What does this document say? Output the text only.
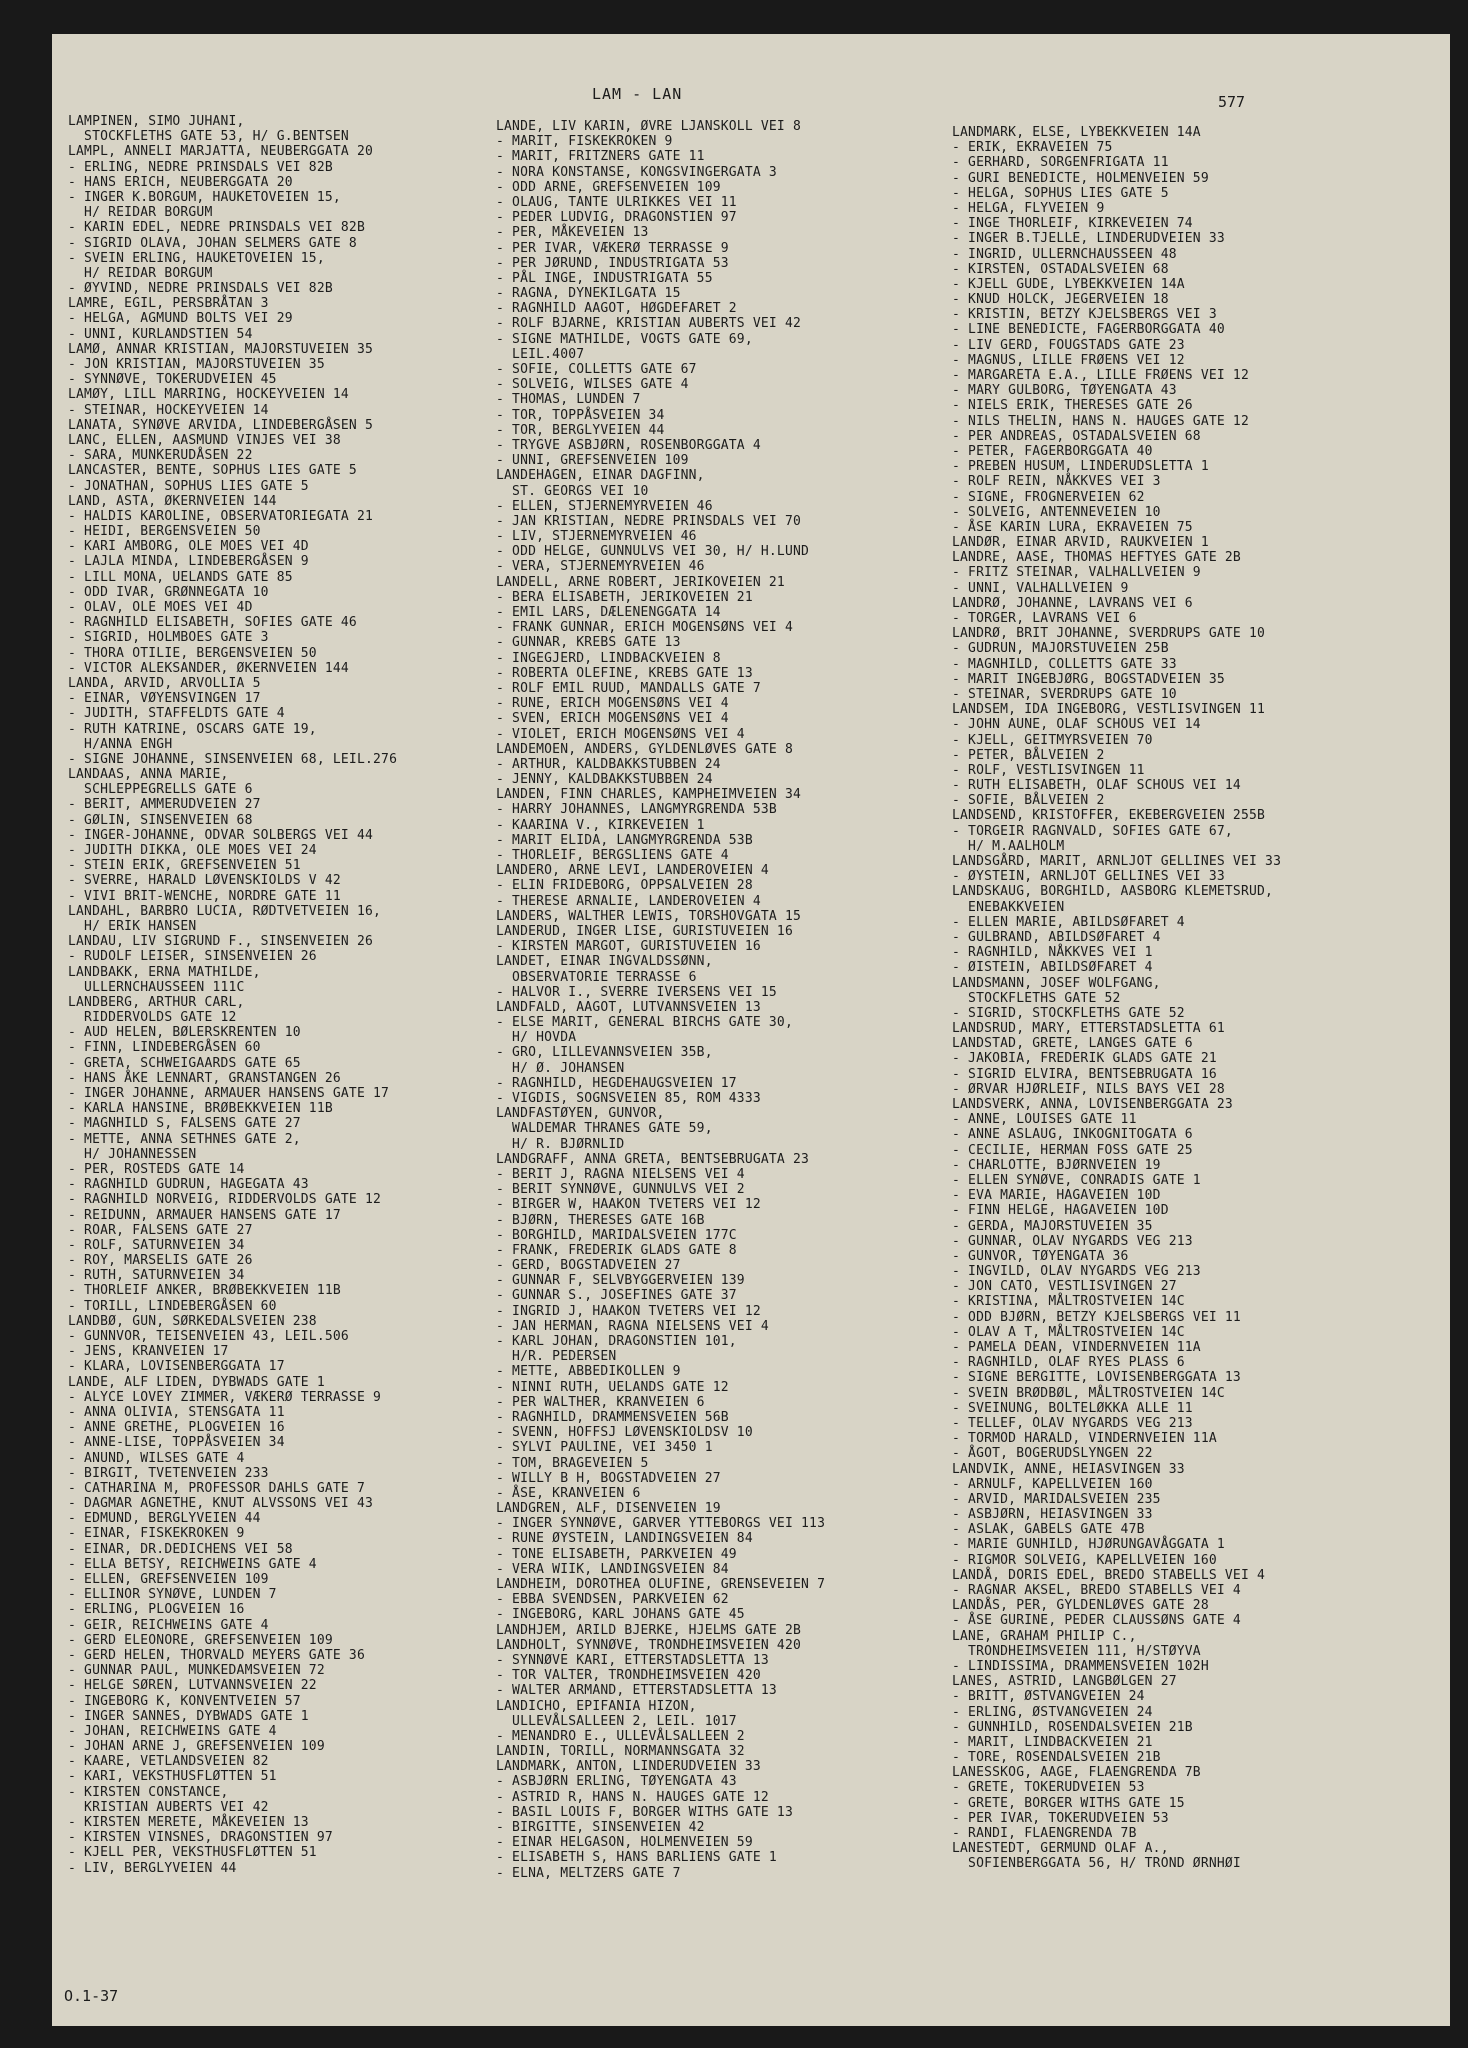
LAM - LAN	577
LAMPINEN, SIMO JUHANI,
STOCKFLETHS GATE 53, H/ G.BENTSEN
LAMPL, ANNELI MARJATTA, NEUBERGGATA 20
- ERLING, NEDRE PRINSDALS VEI 82B
- HANS ERICH, NEUBERGGATA 20
- INGER K.BORGUM, HAUKETOVEIEN 15,
H/ REIDAR BORGUM
- KARIN EDEL, NEDRE PRINSDALS VEI 82B
- SIGRID OLAVA, JOHAN SELMERS GATE 8
- SVEIN ERLING, HAUKETOVEIEN 15,
H/ REIDAR BORGUM
- ØYVIND, NEDRE PRINSDALS VEI 82B
LAMRE, EGIL, PERSBRÅTAN 3
- HELGA, AGMUND BOLTS VEI 29
- UNNI, KURLANDSTIEN 54
LAMØ, ANNAR KRISTIAN, MAJORSTUVEIEN 35
- JON KRISTIAN, MAJORSTUVEIEN 35
- SYNNØVE, TOKERUDVEIEN 45
LAMØY, LILL MARRING, HOCKEYVEIEN 14
- STEINAR, HOCKEYVEIEN 14
LANATA, SYNØVE ARVIDA, LINDEBERGÅSEN 5
LANC, ELLEN, AASMUND VINJES VEI 38
- SARA, MUNKERUDÅSEN 22
LANCASTER, BENTE, SOPHUS LIES GATE 5
- JONATHAN, SOPHUS LIES GATE 5
LAND, ASTA, ØKERNVEIEN 144
- HALDIS KAROLINE, OBSERVATORIEGATA 21
- HEIDI, BERGENSVEIEN 50
- KARI AMBORG, OLE MOES VEI 4D
- LAJLA MINDA, LINDEBERGÅSEN 9
- LILL MONA, UELANDS GATE 85
- ODD IVAR, GRØNNEGATA 10
- OLAV, OLE MOES VEI 4D
- RAGNHILD ELISABETH, SOFIES GATE 46
- SIGRID, HOLMBOES GATE 3
- THORA OTILIE, BERGENSVEIEN 50
- VICTOR ALEKSANDER, ØKERNVEIEN 144
LANDA, ARVID, ARVOLLIA 5
- EINAR, VØYENSVINGEN 17
- JUDITH, STAFFELDTS GATE 4
- RUTH KATRINE, OSCARS GATE 19,
H/ANNA ENGH
- SIGNE JOHANNE, SINSENVEIEN 68, LEIL.276
LANDAAS, ANNA MARIE,
SCHLEPPEGRELLS GATE 6
- BERIT, AMMERUDVEIEN 27
- GØLIN, SINSENVEIEN 68
- INGER-JOHANNE, ODVAR SOLBERGS VEI 44
- JUDITH DIKKA, OLE MOES VEI 24
- STEIN ERIK, GREFSENVEIEN 51
- SVERRE, HARALD LØVENSKIOLDS V 42
- VIVI BRIT-WENCHE, NORDRE GATE 11
LANDAHL, BARBRO LUCIA, RØDTVETVEIEN 16,
H/ ERIK HANSEN
LANDAU, LIV SIGRUND F., SINSENVEIEN 26
- RUDOLF LEISER, SINSENVEIEN 26
LANDBAKK, ERNA MATHILDE,
ULLERNCHAUSSEEN 111C
LANDBERG, ARTHUR CARL,
RIDDERVOLDS GATE 12
- AUD HELEN, BØLERSKRENTEN 10
- FINN, LINDEBERGÅSEN 60
- GRETA, SCHWEIGAARDS GATE 65
- HANS ÅKE LENNART, GRANSTANGEN 26
- INGER JOHANNE, ARMAUER HANSENS GATE 17
- KARLA HANSINE, BRØBEKKVEIEN 11B
- MAGNHILD S, FALSENS GATE 27
- METTE, ANNA SETHNES GATE 2,
H/ JOHANNESSEN
- PER, ROSTEDS GATE 14
- RAGNHILD GUDRUN, HAGEGATA 43
- RAGNHILD NORVEIG, RIDDERVOLDS GATE 12
- REIDUNN, ARMAUER HANSENS GATE 17
- ROAR, FALSENS GATE 27
- ROLF, SATURNVEIEN 34
- ROY, MARSELIS GATE 26
- RUTH, SATURNVEIEN 34
- THORLEIF ANKER, BRØBEKKVEIEN 11B
- TORILL, LINDEBERGÅSEN 60
LANDBØ, GUN, SØRKEDALSVEIEN 238
- GUNNVOR, TEISENVEIEN 43, LEIL.506
- JENS, KRANVEIEN 17
- KLARA, LOVISENBERGGATA 17
LANDE, ALF LIDEN, DYBWADS GATE 1
- ALYCE LOVEY ZIMMER, VÆKERØ TERRASSE 9
- ANNA OLIVIA, STENSGATA 11
- ANNE GRETHE, PLOGVEIEN 16
- ANNE-LISE, TOPPÅSVEIEN 34
- ANUND, WILSES GATE 4
- BIRGIT, TVETENVEIEN 233
- CATHARINA M, PROFESSOR DAHLS GATE 7
- DAGMAR AGNETHE, KNUT ALVSSONS VEI 43
- EDMUND, BERGLYVEIEN 44
- EINAR, FISKEKROKEN 9
- EINAR, DR.DEDICHENS VEI 58
- ELLA BETSY, REICHWEINS GATE 4
- ELLEN, GREFSENVEIEN 109
- ELLINOR SYNØVE, LUNDEN 7
- ERLING, PLOGVEIEN 16
- GEIR, REICHWEINS GATE 4
- GERD ELEONORE, GREFSENVEIEN 109
- GERD HELEN, THORVALD MEYERS GATE 36
- GUNNAR PAUL, MUNKEDAMSVEIEN 72
- HELGE SØREN, LUTVANNSVEIEN 22
- INGEBORG K, KONVENTVEIEN 57
- INGER SANNES, DYBWADS GATE 1
- JOHAN, REICHWEINS GATE 4
- JOHAN ARNE J, GREFSENVEIEN 109
- KAARE, VETLANDSVEIEN 82
- KARI, VEKSTHUSFLØTTEN 51
- KIRSTEN CONSTANCE,
KRISTIAN AUBERTS VEI 42
- KIRSTEN MERETE, MÅKEVEIEN 13
- KIRSTEN VINSNES, DRAGONSTIEN 97
- KJELL PER, VEKSTHUSFLØTTEN 51
- LIV, BERGLYVEIEN 44
LANDE, LIV KARIN, ØVRE LJANSKOLL VEI 8
- MARIT, FISKEKROKEN 9
- MARIT, FRITZNERS GATE 11
- NORA KONSTANSE, KONGSVINGERGATA 3
- ODD ARNE, GREFSENVEIEN 109
- OLAUG, TANTE ULRIKKES VEI 11
- PEDER LUDVIG, DRAGONSTIEN 97
- PER, MÅKEVEIEN 13
- PER IVAR, VÆKERØ TERRASSE 9
- PER JØRUND, INDUSTRIGATA 53
- PÅL INGE, INDUSTRIGATA 55
- RAGNA, DYNEKILGATA 15
- RAGNHILD AAGOT, HØGDEFARET 2
- ROLF BJARNE, KRISTIAN AUBERTS VEI 42
- SIGNE MATHILDE, VOGTS GATE 69,
LEIL.4007
- SOFIE, COLLETTS GATE 67
- SOLVEIG, WILSES GATE 4
- THOMAS, LUNDEN 7
- TOR, TOPPÅSVEIEN 34
- TOR, BERGLYVEIEN 44
- TRYGVE ASBJØRN, ROSENBORGGATA 4
- UNNI, GREFSENVEIEN 109
LANDEHAGEN, EINAR DAGFINN,
ST. GEORGS VEI 10
- ELLEN, STJERNEMYRVEIEN 46
- JAN KRISTIAN, NEDRE PRINSDALS VEI 70
- LIV, STJERNEMYRVEIEN 46
- ODD HELGE, GUNNULVS VEI 30, H/ H.LUND
- VERA, STJERNEMYRVEIEN 46
LANDELL, ARNE ROBERT, JERIKOVEIEN 21
- BERA ELISABETH, JERIKOVEIEN 21
- EMIL LARS, DÆLENENGGATA 14
- FRANK GUNNAR, ERICH MOGENSØNS VEI 4
- GUNNAR, KREBS GATE 13
- INGEGJERD, LINDBACKVEIEN 8
- ROBERTA OLEFINE, KREBS GATE 13
- ROLF EMIL RUUD, MANDALLS GATE 7
- RUNE, ERICH MOGENSØNS VEI 4
- SVEN, ERICH MOGENSØNS VEI 4
- VIOLET, ERICH MOGENSØNS VEI 4
LANDEMOEN, ANDERS, GYLDENLØVES GATE 8
- ARTHUR, KALDBAKKSTUBBEN 24
- JENNY, KALDBAKKSTUBBEN 24
LANDEN, FINN CHARLES, KAMPHEIMVEIEN 34
- HARRY JOHANNES, LANGMYRGRENDA 53B
- KAARINA V., KIRKEVEIEN 1
- MARIT ELIDA, LANGMYRGRENDA 53B
- THORLEIF, BERGSLIENS GATE 4
LANDERO, ARNE LEVI, LANDEROVEIEN 4
- ELIN FRIDEBORG, OPPSALVEIEN 28
- THERESE ARNALIE, LANDEROVEIEN 4
LANDERS, WALTHER LEWIS, TORSHOVGATA 15
LANDERUD, INGER LISE, GURISTUVEIEN 16
- KIRSTEN MARGOT, GURISTUVEIEN 16
LANDET, EINAR INGVALDSSØNN,
OBSERVATORIE TERRASSE 6
- HALVOR I., SVERRE IVERSENS VEI 15
LANDFALD, AAGOT, LUTVANNSVEIEN 13
- ELSE MARIT, GENERAL BIRCHS GATE 30,
H/ HOVDA
- GRO, LILLEVANNSVEIEN 35B,
H/ Ø. JOHANSEN
- RAGNHILD, HEGDEHAUGSVEIEN 17
- VIGDIS, SOGNSVEIEN 85, ROM 4333
LANDFASTØYEN, GUNVOR,
WALDEMAR THRANES GATE 59,
H/ R. BJØRNLID
LANDGRAFF, ANNA GRETA, BENTSEBRUGATA 23
- BERIT J, RAGNA NIELSENS VEI 4
- BERIT SYNNØVE, GUNNULVS VEI 2
- BIRGER W, HAAKON TVETERS VEI 12
- BJØRN, THERESES GATE 16B
- BORGHILD, MARIDALSVEIEN 177C
- FRANK, FREDERIK GLADS GATE 8
- GERD, BOGSTADVEIEN 27
- GUNNAR F, SELVBYGGERVEIEN 139
- GUNNAR S., JOSEFINES GATE 37
- INGRID J, HAAKON TVETERS VEI 12
- JAN HERMAN, RAGNA NIELSENS VEI 4
- KARL JOHAN, DRAGONSTIEN 101,
H/R. PEDERSEN
- METTE, ABBEDIKOLLEN 9
- NINNI RUTH, UELANDS GATE 12
- PER WALTHER, KRANVEIEN 6
- RAGNHILD, DRAMMENSVEIEN 56B
- SVENN, HOFFSJ LØVENSKIOLDSV 10
- SYLVI PAULINE, VEI 3450 1
- TOM, BRAGEVEIEN 5
- WILLY B H, BOGSTADVEIEN 27
- ÅSE, KRANVEIEN 6
LANDGREN, ALF, DISENVEIEN 19
- INGER SYNNØVE, GARVER YTTEBORGS VEI 113
- RUNE ØYSTEIN, LANDINGSVEIEN 84
- TONE ELISABETH, PARKVEIEN 49
- VERA WIIK, LANDINGSVEIEN 84
LANDHEIM, DOROTHEA OLUFINE, GRENSEVEIEN 7
- EBBA SVENDSEN, PARKVEIEN 62
- INGEBORG, KARL JOHANS GATE 45
LANDHJEM, ARILD BJERKE, HJELMS GATE 2B
LANDHOLT, SYNNØVE, TRONDHEIMSVEIEN 420
- SYNNØVE KARI, ETTERSTADSLETTA 13
- TOR VALTER, TRONDHEIMSVEIEN 420
- WALTER ARMAND, ETTERSTADSLETTA 13
LANDICHO, EPIFANIA HIZON,
ULLEVÅLSALLEEN 2, LEIL. 1017
- MENANDRO E., ULLEVÅLSALLEEN 2
LANDIN, TORILL, NORMANNSGATA 32
LANDMARK, ANTON, LINDERUDVEIEN 33
- ASBJØRN ERLING, TØYENGATA 43
- ASTRID R, HANS N. HAUGES GATE 12
- BASIL LOUIS F, BORGER WITHS GATE 13
- BIRGITTE, SINSENVEIEN 42
- EINAR HELGASON, HOLMENVEIEN 59
- ELISABETH S, HANS BARLIENS GATE 1
- ELNA, MELTZERS GATE 7
LANDMARK, ELSE, LYBEKKVEIEN 14A
- ERIK, EKRAVEIEN 75
- GERHARD, SORGENFRIGATA 11
- GURI BENEDICTE, HOLMENVEIEN 59
- HELGA, SOPHUS LIES GATE 5
- HELGA, FLYVEIEN 9
- INGE THORLEIF, KIRKEVEIEN 74
- INGER B.TJELLE, LINDERUDVEIEN 33
- INGRID, ULLERNCHAUSSEEN 48
- KIRSTEN, OSTADALSVEIEN 68
- KJELL GUDE, LYBEKKVEIEN 14A
- KNUD HOLCK, JEGERVEIEN 18
- KRISTIN, BETZY KJELSBERGS VEI 3
- LINE BENEDICTE, FAGERBORGGATA 40
- LIV GERD, FOUGSTADS GATE 23
- MAGNUS, LILLE FRØENS VEI 12
- MARGARETA E.A., LILLE FRØENS VEI 12
- MARY GULBORG, TØYENGATA 43
- NIELS ERIK, THERESES GATE 26
- NILS THELIN, HANS N. HAUGES GATE 12
- PER ANDREAS, OSTADALSVEIEN 68
- PETER, FAGERBORGGATA 40
- PREBEN HUSUM, LINDERUDSLETTA 1
- ROLF REIN, NÅKKVES VEI 3
- SIGNE, FROGNERVEIEN 62
- SOLVEIG, ANTENNEVEIEN 10
- ÅSE KARIN LURA, EKRAVEIEN 75
LANDØR, EINAR ARVID, RAUKVEIEN 1
LANDRE, AASE, THOMAS HEFTYES GATE 2B
- FRITZ STEINAR, VALHALLVEIEN 9
- UNNI, VALHALLVEIEN 9
LANDRØ, JOHANNE, LAVRANS VEI 6
- TORGER, LAVRANS VEI 6
LANDRØ, BRIT JOHANNE, SVERDRUPS GATE 10
- GUDRUN, MAJORSTUVEIEN 25B
- MAGNHILD, COLLETTS GATE 33
- MARIT INGEBJØRG, BOGSTADVEIEN 35
- STEINAR, SVERDRUPS GATE 10
LANDSEM, IDA INGEBORG, VESTLISVINGEN 11
- JOHN AUNE, OLAF SCHOUS VEI 14
- KJELL, GEITMYRSVEIEN 70
- PETER, BÅLVEIEN 2
- ROLF, VESTLISVINGEN 11
- RUTH ELISABETH, OLAF SCHOUS VEI 14
- SOFIE, BÅLVEIEN 2
LANDSEND, KRISTOFFER, EKEBERGVEIEN 255B
- TORGEIR RAGNVALD, SOFIES GATE 67,
H/ M.AALHOLM
LANDSGÅRD, MARIT, ARNLJOT GELLINES VEI 33
- ØYSTEIN, ARNLJOT GELLINES VEI 33
LANDSKAUG, BORGHILD, AASBORG KLEMETSRUD,
ENEBAKKVEIEN
- ELLEN MARIE, ABILDSØFARET 4
- GULBRAND, ABILDSØFARET 4
- RAGNHILD, NÅKKVES VEI 1
- ØISTEIN, ABILDSØFARET 4
LANDSMANN, JOSEF WOLFGANG,
STOCKFLETHS GATE 52
- SIGRID, STOCKFLETHS GATE 52
LANDSRUD, MARY, ETTERSTADSLETTA 61
LANDSTAD, GRETE, LANGES GATE 6
- JAKOBIA, FREDERIK GLADS GATE 21
- SIGRID ELVIRA, BENTSEBRUGATA 16
- ØRVAR HJØRLEIF, NILS BAYS VEI 28
LANDSVERK, ANNA, LOVISENBERGGATA 23
- ANNE, LOUISES GATE 11
- ANNE ASLAUG, INKOGNITOGATA 6
- CECILIE, HERMAN FOSS GATE 25
- CHARLOTTE, BJØRNVEIEN 19
- ELLEN SYNØVE, CONRADIS GATE 1
- EVA MARIE, HAGAVEIEN 10D
- FINN HELGE, HAGAVEIEN 10D
- GERDA, MAJORSTUVEIEN 35
- GUNNAR, OLAV NYGARDS VEG 213
- GUNVOR, TØYENGATA 36
- INGVILD, OLAV NYGARDS VEG 213
- JON CATO, VESTLISVINGEN 27
- KRISTINA, MÅLTROSTVEIEN 14C
- ODD BJØRN, BETZY KJELSBERGS VEI 11
- OLAV A T, MÅLTROSTVEIEN 14C
- PAMELA DEAN, VINDERNVEIEN 11A
- RAGNHILD, OLAF RYES PLASS 6
- SIGNE BERGITTE, LOVISENBERGGATA 13
- SVEIN BRØDBØL, MÅLTROSTVEIEN 14C
- SVEINUNG, BOLTELØKKA ALLE 11
- TELLEF, OLAV NYGARDS VEG 213
- TORMOD HARALD, VINDERNVEIEN 11A
- ÅGOT, BOGERUDSLYNGEN 22
LANDVIK, ANNE, HEIASVINGEN 33
- ARNULF, KAPELLVEIEN 160
- ARVID, MARIDALSVEIEN 235
- ASBJØRN, HEIASVINGEN 33
- ASLAK, GABELS GATE 47B
- MARIE GUNHILD, HJØRUNGAVÅGGATA 1
- RIGMOR SOLVEIG, KAPELLVEIEN 160
LANDÅ, DORIS EDEL, BREDO STABELLS VEI 4
- RAGNAR AKSEL, BREDO STABELLS VEI 4
LANDÅS, PER, GYLDENLØVES GATE 28
- ÅSE GURINE, PEDER CLAUSSØNS GATE 4
LANE, GRAHAM PHILIP C.,
TRONDHEIMSVEIEN 111, H/STØYVA
- LINDISSIMA, DRAMMENSVEIEN 102H
LANES, ASTRID, LANGBØLGEN 27
- BRITT, ØSTVANGVEIEN 24
- ERLING, ØSTVANGVEIEN 24
- GUNNHILD, ROSENDALSVEIEN 21B
- MARIT, LINDBACKVEIEN 21
- TORE, ROSENDALSVEIEN 21B
LANESSKOG, AAGE, FLAENGRENDA 7B
- GRETE, TOKERUDVEIEN 53
- GRETE, BORGER WITHS GATE 15
- PER IVAR, TOKERUDVEIEN 53
- RANDI, FLAENGRENDA 7B
LANESTEDT, GERMUND OLAF A.,
SOFIENBERGGATA 56, H/ TROND ØRNHØI
O.1-37
